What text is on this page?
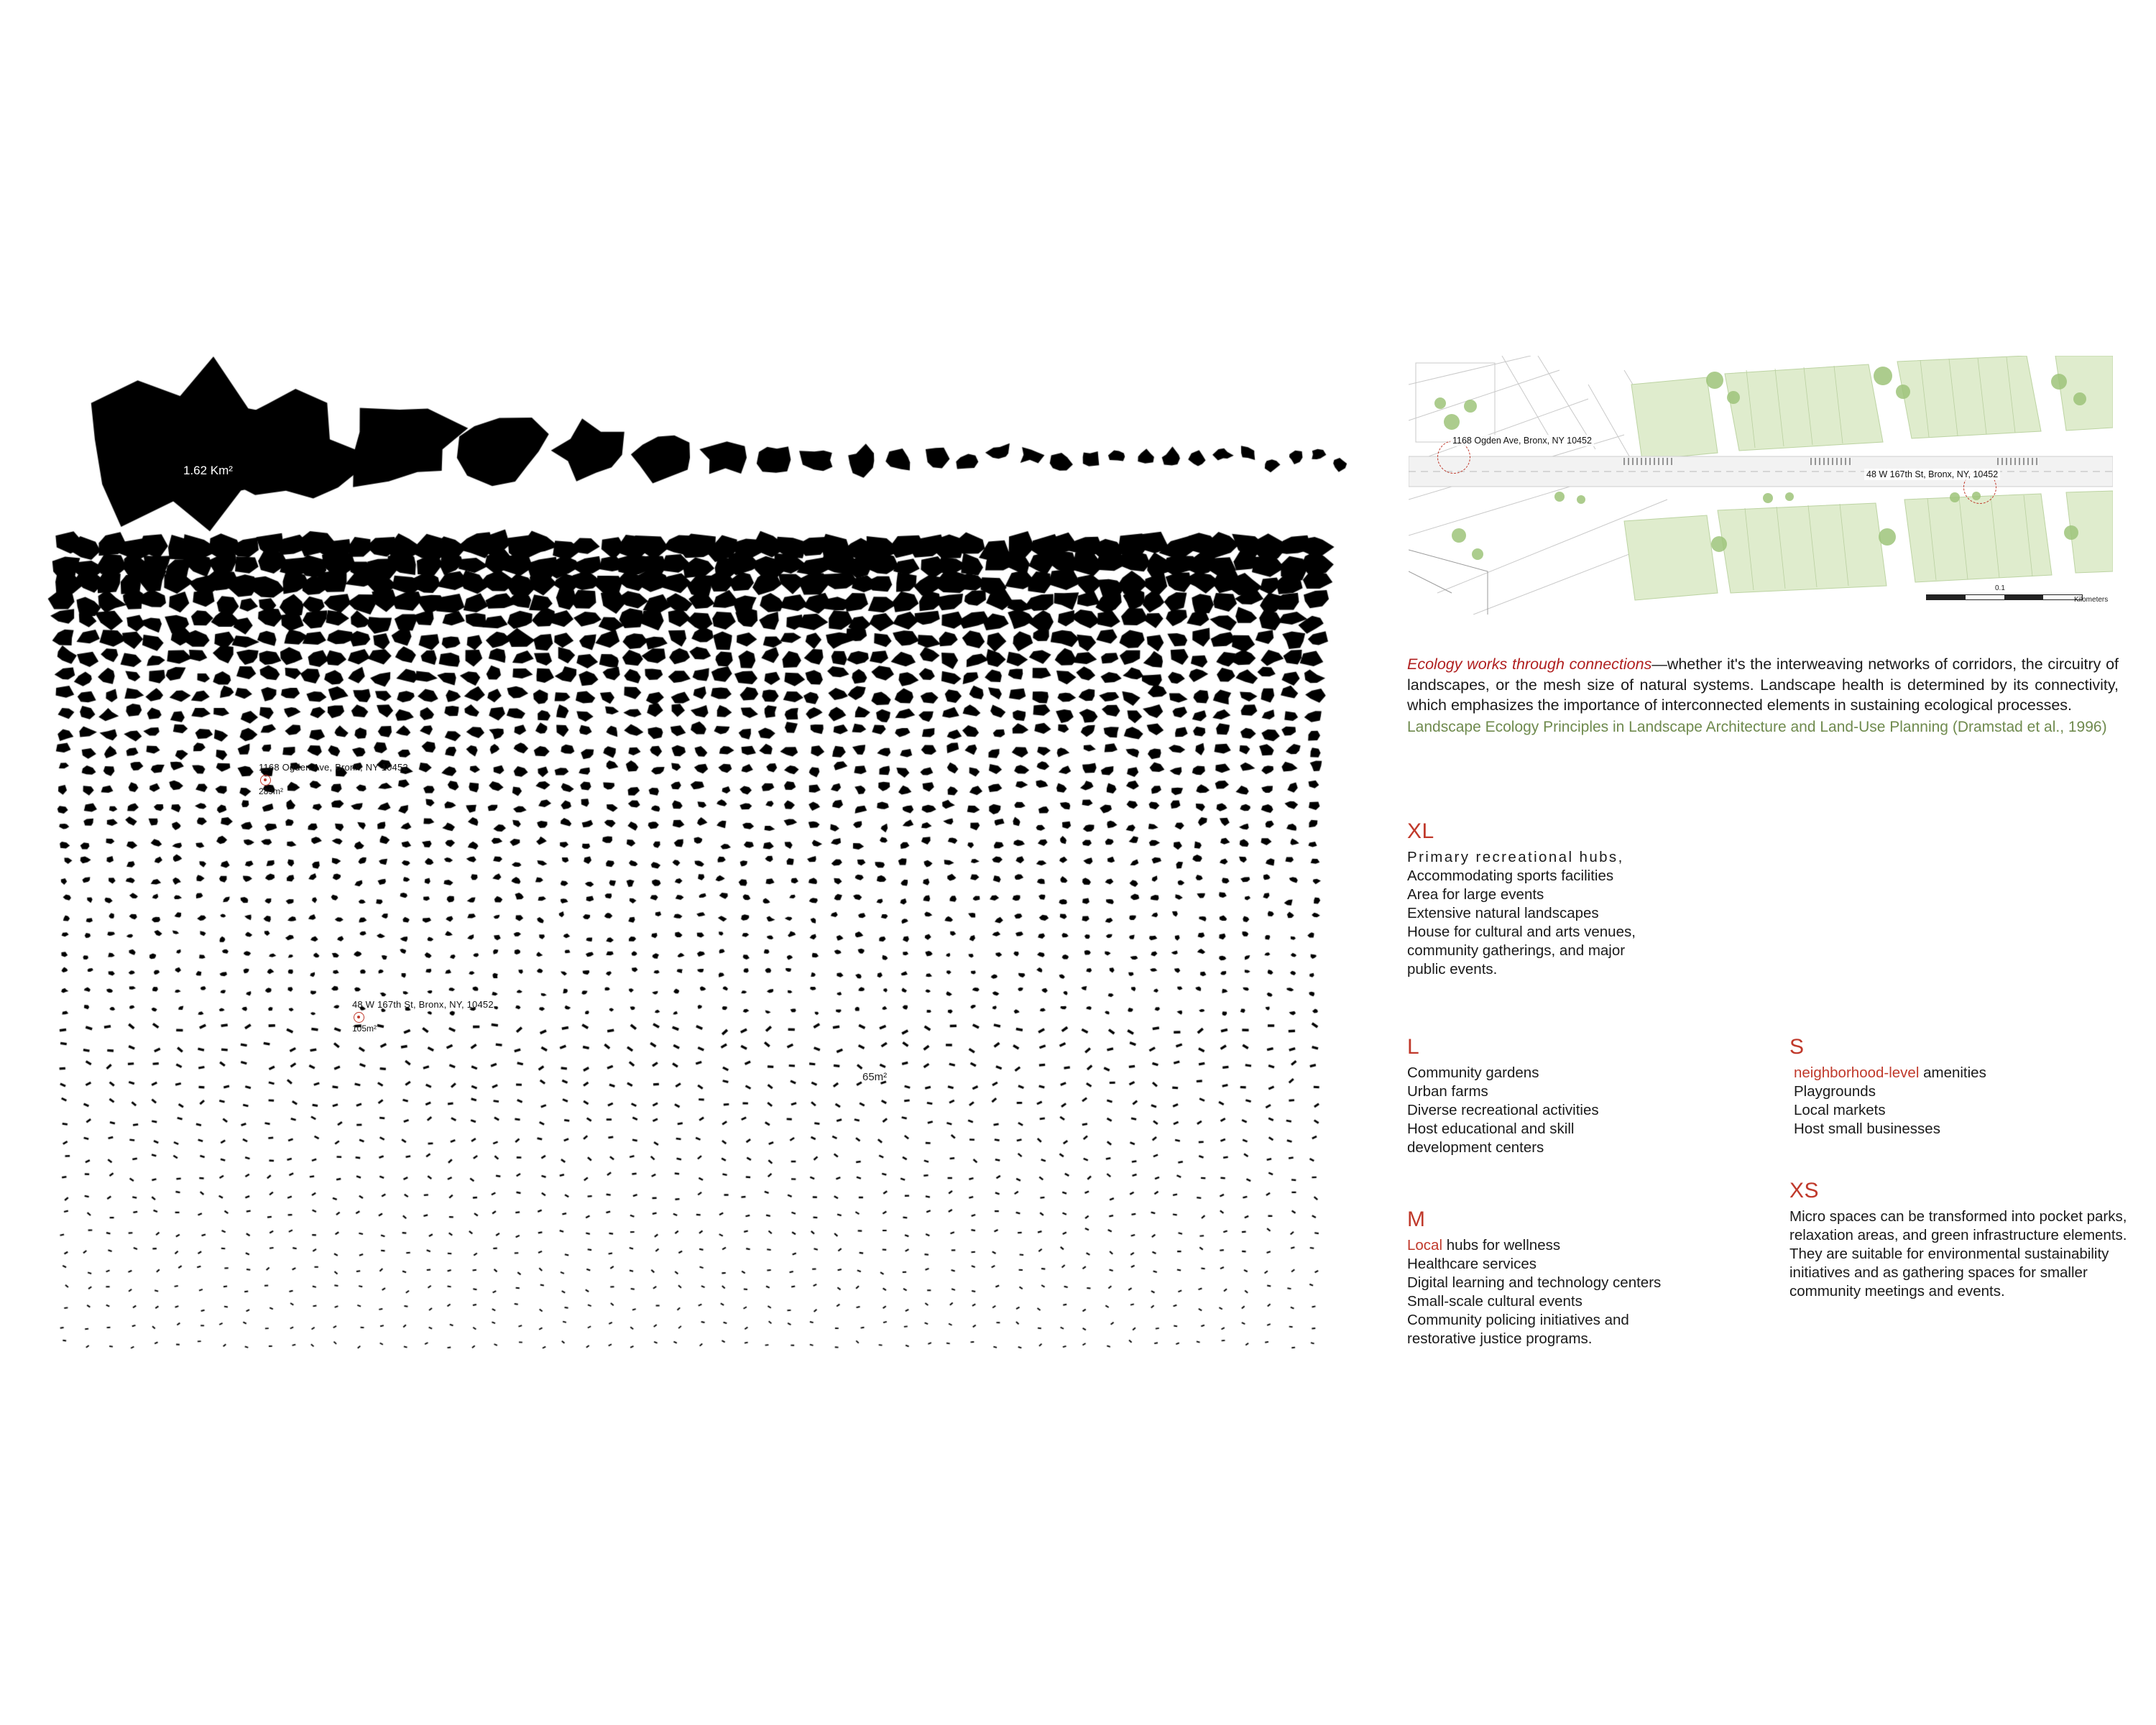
1.62 Km²
65m²
1168 Ogden Ave, Bronx, NY 10452
289m²
48 W 167th St, Bronx, NY, 10452
105m²
1168 Ogden Ave, Bronx, NY 10452
48 W 167th St, Bronx, NY, 10452
0.1
Kilometers

Ecology works through connections—whether it's the interweaving networks of corridors, the circuitry of landscapes, or the mesh size of natural systems. Landscape health is determined by its connectivity, which emphasizes the importance of interconnected elements in sustaining ecological processes.
Landscape Ecology Principles in Landscape Architecture and Land-Use Planning (Dramstad et al., 1996)

XL
Primary recreational hubs,
Accommodating sports facilities
Area for large events
Extensive natural landscapes
House for cultural and arts venues,
community gatherings, and major
public events.
L
Community gardens
Urban farms
Diverse recreational activities
Host educational and skill
development centers
M
Local hubs for wellness
Healthcare services
Digital learning and technology centers
Small-scale cultural events
Community policing initiatives and
restorative justice programs.
S
neighborhood-level amenities
Playgrounds
Local markets
Host small businesses
XS

Micro spaces can be transformed into pocket parks, relaxation areas, and green infrastructure elements. They are suitable for environmental sustainability initiatives and as gathering spaces for smaller community meetings and events.
